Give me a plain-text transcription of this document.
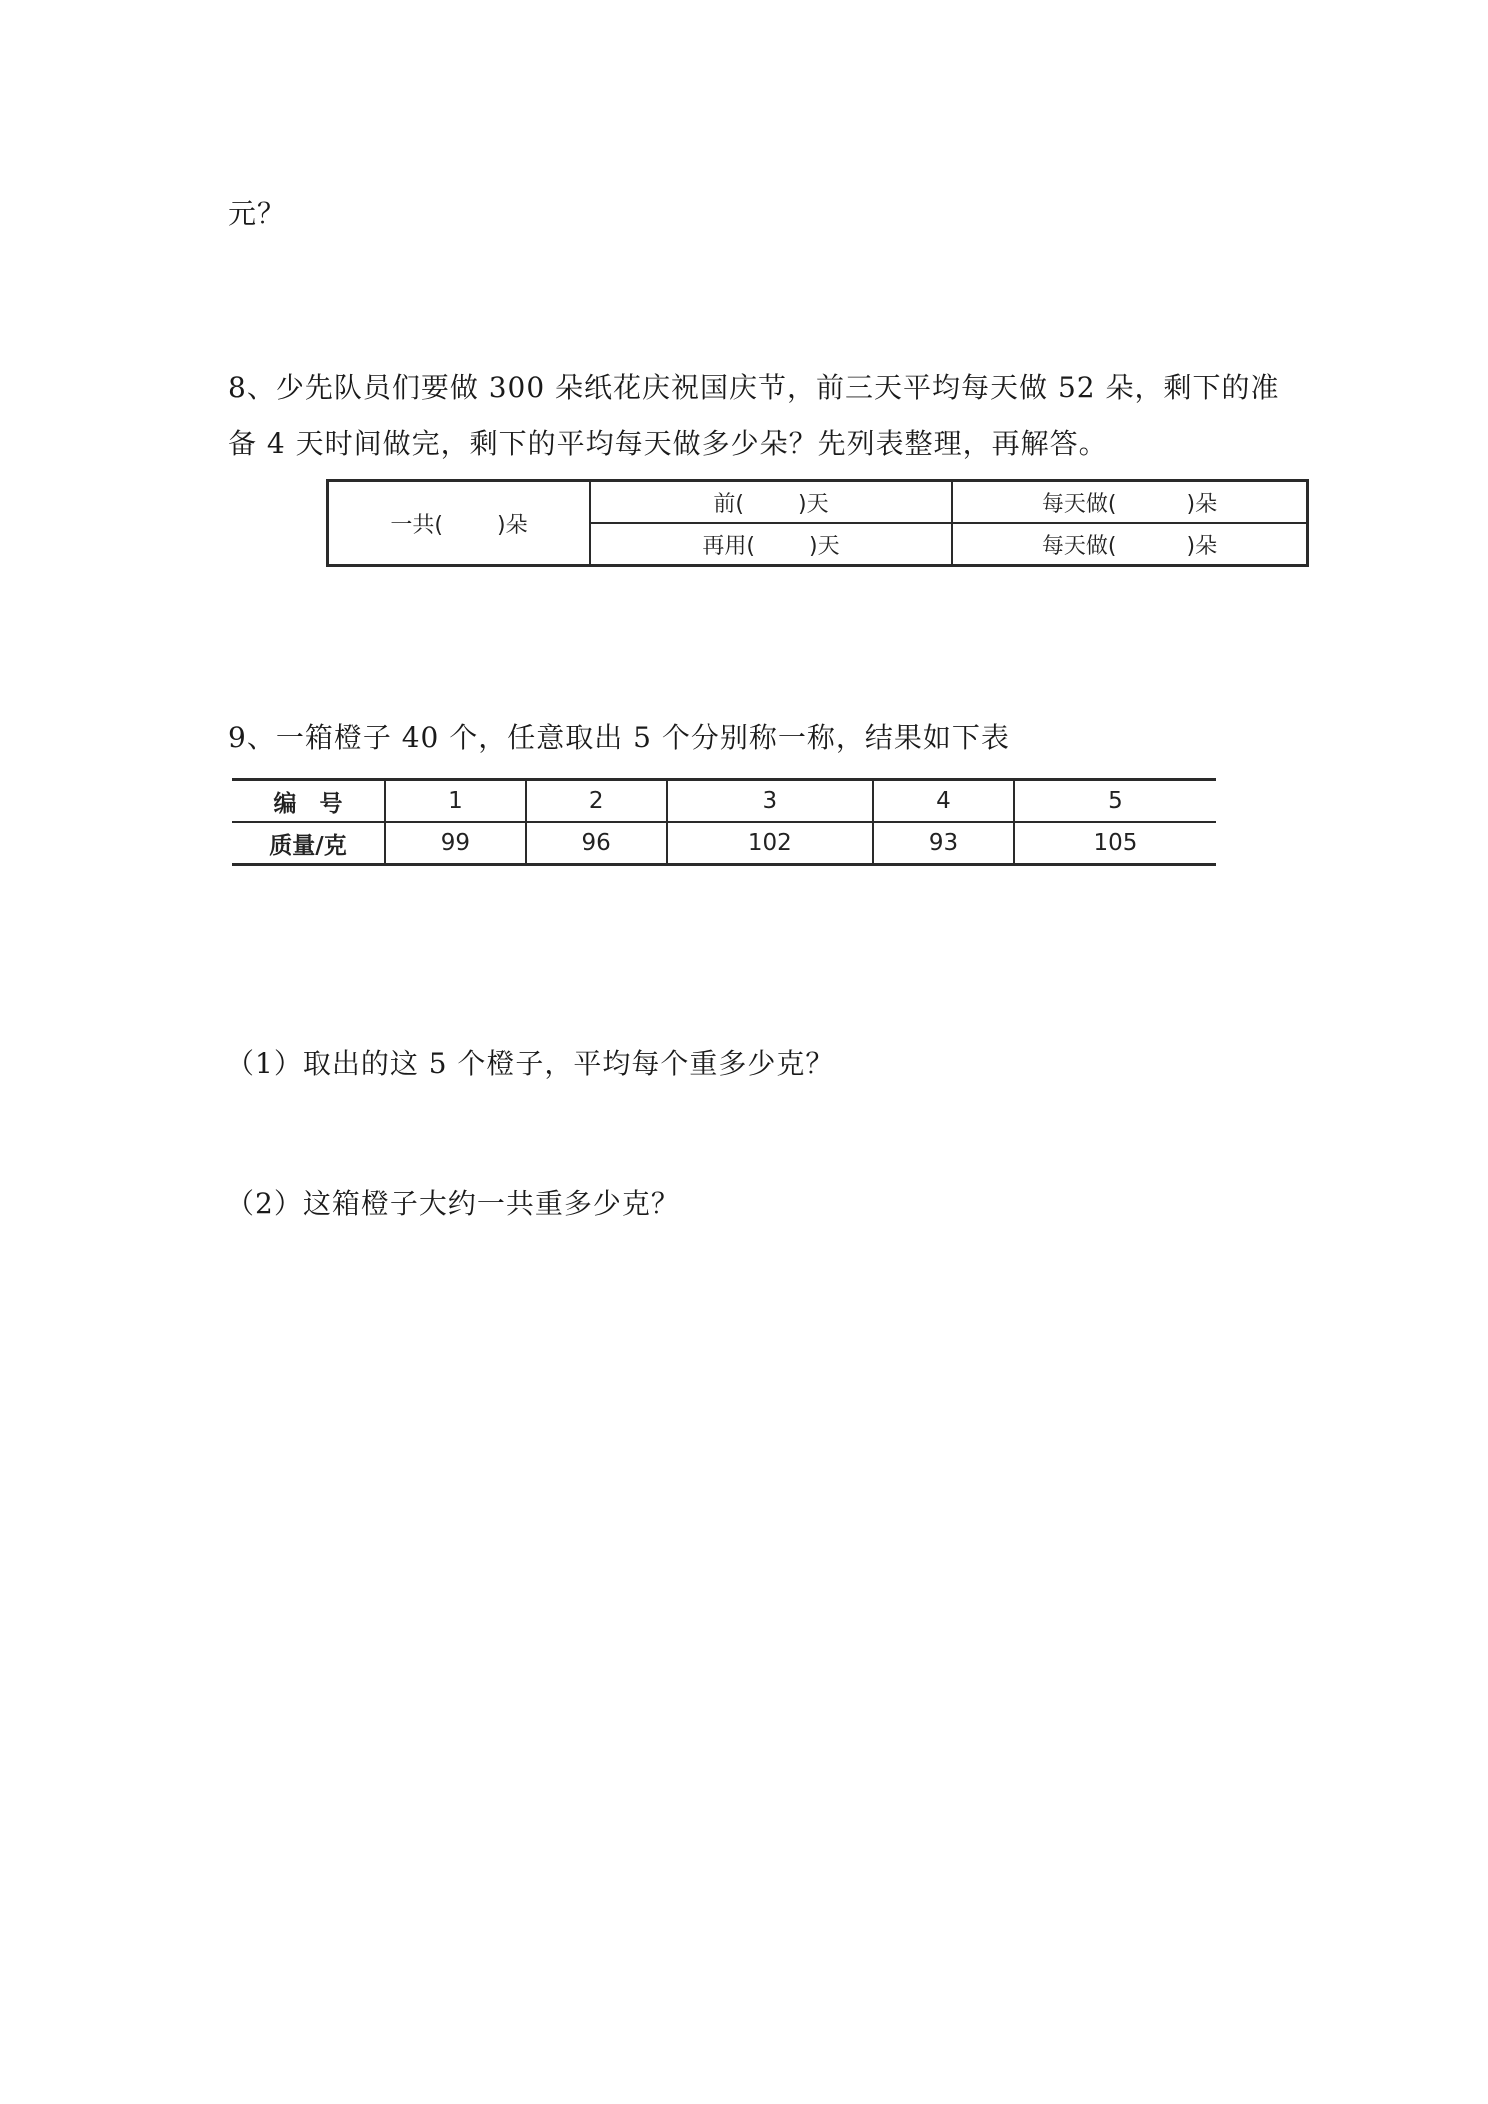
元？
8、少先队员们要做 300 朵纸花庆祝国庆节，前三天平均每天做 52 朵，剩下的准
备 4 天时间做完，剩下的平均每天做多少朵？先列表整理，再解答。
一共( )朵	前( )天	每天做( )朵
	再用( )天	每天做( )朵
9、一箱橙子 40 个，任意取出 5 个分别称一称，结果如下表
编　号	1	2	3	4	5
质量/克	99	96	102	93	105
（1）取出的这 5 个橙子，平均每个重多少克？
（2）这箱橙子大约一共重多少克？
